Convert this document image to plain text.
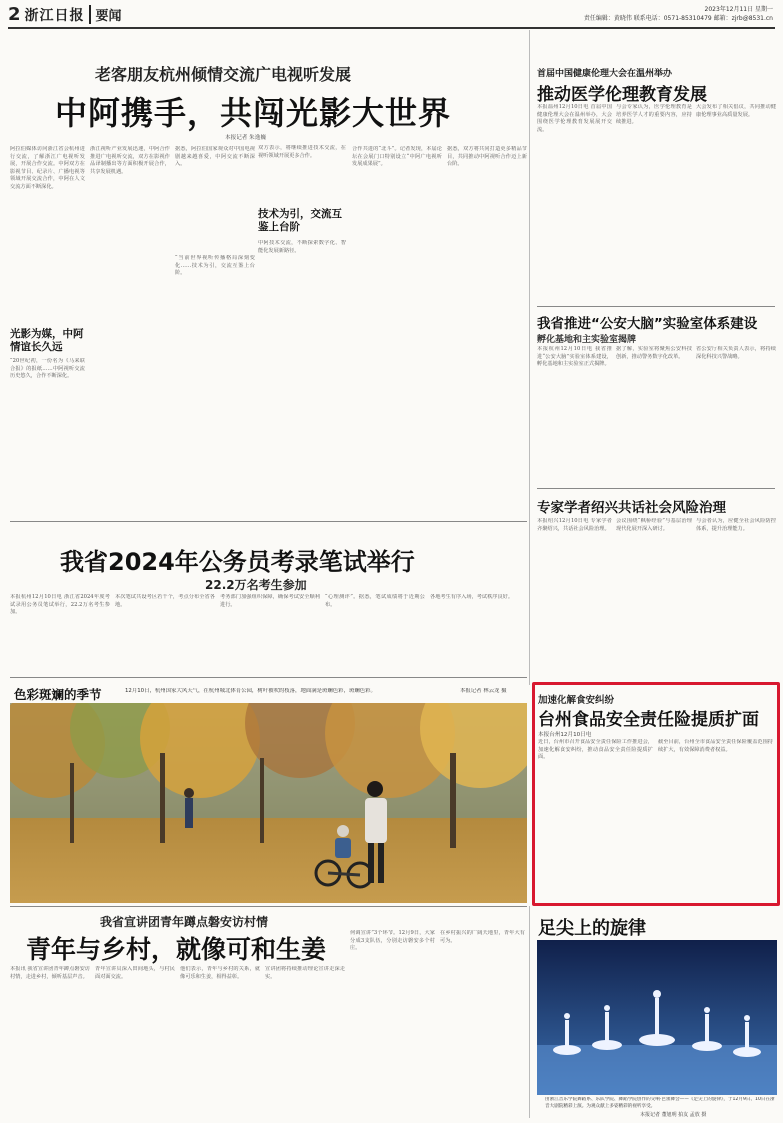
2 浙江日报 要闻	2023年12月11日 星期一
责任编辑：黄晓伟 联系电话：0571-85310479 邮箱：zjrb@8531.cn
老客朋友杭州倾情交流广电视听发展
中阿携手，共闯光影大世界
本报记者 朱逸巍
阿拉伯媒体访问浙江省会杭州进行交流，了解浙江广电视听发展，开展合作交流。中阿双方在影视节目、纪录片、广播电视等领域开展交流合作，中阿在人文交流方面不断深化。
光影为媒，中阿情谊长久远
“20世纪初，一份名为《马来联合报》的报纸……中阿视听交流历史悠久，合作不断深化。
浙江视听产业发展迅速，中阿合作推进广电视听交流，双方在影视作品译制播出等方面积极开展合作，共享发展机遇。
据悉，阿拉伯国家观众对中国电视剧越来越喜爱，中阿交流不断深入。
技术为引，交流互鉴上台阶
双方表示，将继续推进技术交流，在视听领域开展更多合作。
“当前世界视听传播格局深刻变化……技术为引，交流互鉴上台阶。
中阿技术交流，不断探索数字化、智能化发展新路径。
合作共进的“北斗”。记者发现，本届论坛在会展门口特别设立“中阿广电视听发展成果展”。
据悉，双方将共同打造更多精品节目，共同推动中阿视听合作迈上新台阶。
首届中国健康伦理大会在温州举办
推动医学伦理教育发展
本报温州12月10日电 首届中国健康伦理大会在温州举办，大会围绕医学伦理教育发展展开交流。
与会专家认为，医学伦理教育是培养医学人才的重要内容，应持续推进。
大会发布了相关倡议，共同推动健康伦理事业高质量发展。
我省推进“公安大脑”实验室体系建设
孵化基地和主实验室揭牌
本报杭州12月10日电 我省推进“公安大脑”实验室体系建设，孵化基地和主实验室正式揭牌。
据了解，实验室将聚焦公安科技创新，推动警务数字化改革。
省公安厅相关负责人表示，将持续深化科技兴警战略。
专家学者绍兴共话社会风险治理
本报绍兴12月10日电 专家学者齐聚绍兴，共话社会风险治理。
会议围绕“枫桥经验”与基层治理现代化展开深入研讨。
与会者认为，应健全社会风险防控体系，提升治理能力。
我省2024年公务员考录笔试举行
22.2万名考生参加
本报杭州12月10日电 浙江省2024年度考试录用公务员笔试举行，22.2万名考生参加。
本次笔试共设考区若干个，考点分布全省各地。
考务部门加强组织保障，确保考试安全顺利进行。
“心理测评”。据悉，笔试成绩将于近期公布。
各地考生有序入场，考试秩序良好。
色彩斑斓的季节	12月10日，杭州国家大风天气，在杭州城北体育公园，树叶被吹的枝落，地面满是斑斓色彩，斑斓色彩。	本报记者 林云龙 摄
加速化解食安纠纷
台州食品安全责任险提质扩面
本报台州12月10日电
近日，台州市召开食品安全责任保险工作推进会，加速化解食安纠纷，推动食品安全责任险提质扩面。
截至目前，台州全市食品安全责任保险覆盖范围持续扩大，有效保障消费者权益。
我省宣讲团青年蹲点磐安访村情
青年与乡村，就像可和生姜
本报讯 我省宣讲团青年蹲点磐安访村情，走进乡村，倾听基层声音。
青年宣讲员深入田间地头，与村民面对面交流。
他们表示，青年与乡村的关系，就像可乐和生姜，相得益彰。
宣讲团将持续推动理论宣讲走深走实。
何调宣讲”3个环节。12月9日，大家分成3支队伍，分别走访磐安多个村庄。
在乡村振兴的广阔天地里，青年大有可为。
足尖上的旋律
由浙江音乐学院舞蹈系、乐队学院、舞蹈学院创作的交响·芭蕾舞会——《足尖上的旋律》，于12月9日、10日在浙音大剧院精彩上演。为观众献上多姿精彩的视听享受。
本报记者 董旭明 拍友 孟放 摄
